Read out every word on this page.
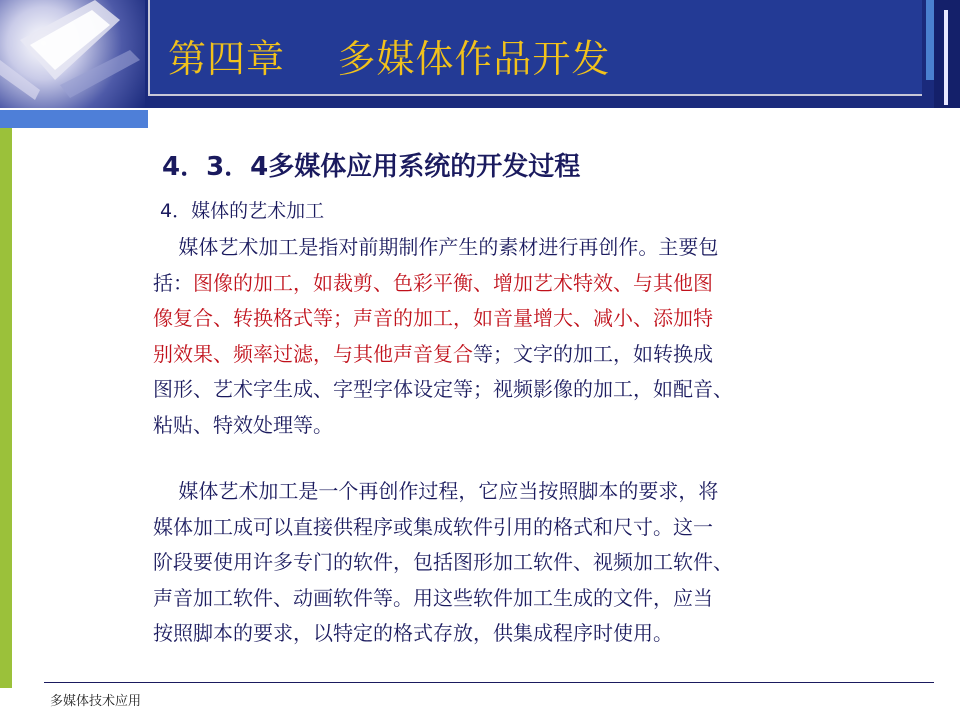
第四章    多媒体作品开发
4．3．4多媒体应用系统的开发过程
4．媒体的艺术加工
媒体艺术加工是指对前期制作产生的素材进行再创作。主要包
括：图像的加工，如裁剪、色彩平衡、增加艺术特效、与其他图
像复合、转换格式等；声音的加工，如音量增大、减小、添加特
别效果、频率过滤，与其他声音复合等；文字的加工，如转换成
图形、艺术字生成、字型字体设定等；视频影像的加工，如配音、
粘贴、特效处理等。
媒体艺术加工是一个再创作过程，它应当按照脚本的要求，将
媒体加工成可以直接供程序或集成软件引用的格式和尺寸。这一
阶段要使用许多专门的软件，包括图形加工软件、视频加工软件、
声音加工软件、动画软件等。用这些软件加工生成的文件，应当
按照脚本的要求，以特定的格式存放，供集成程序时使用。
多媒体技术应用
